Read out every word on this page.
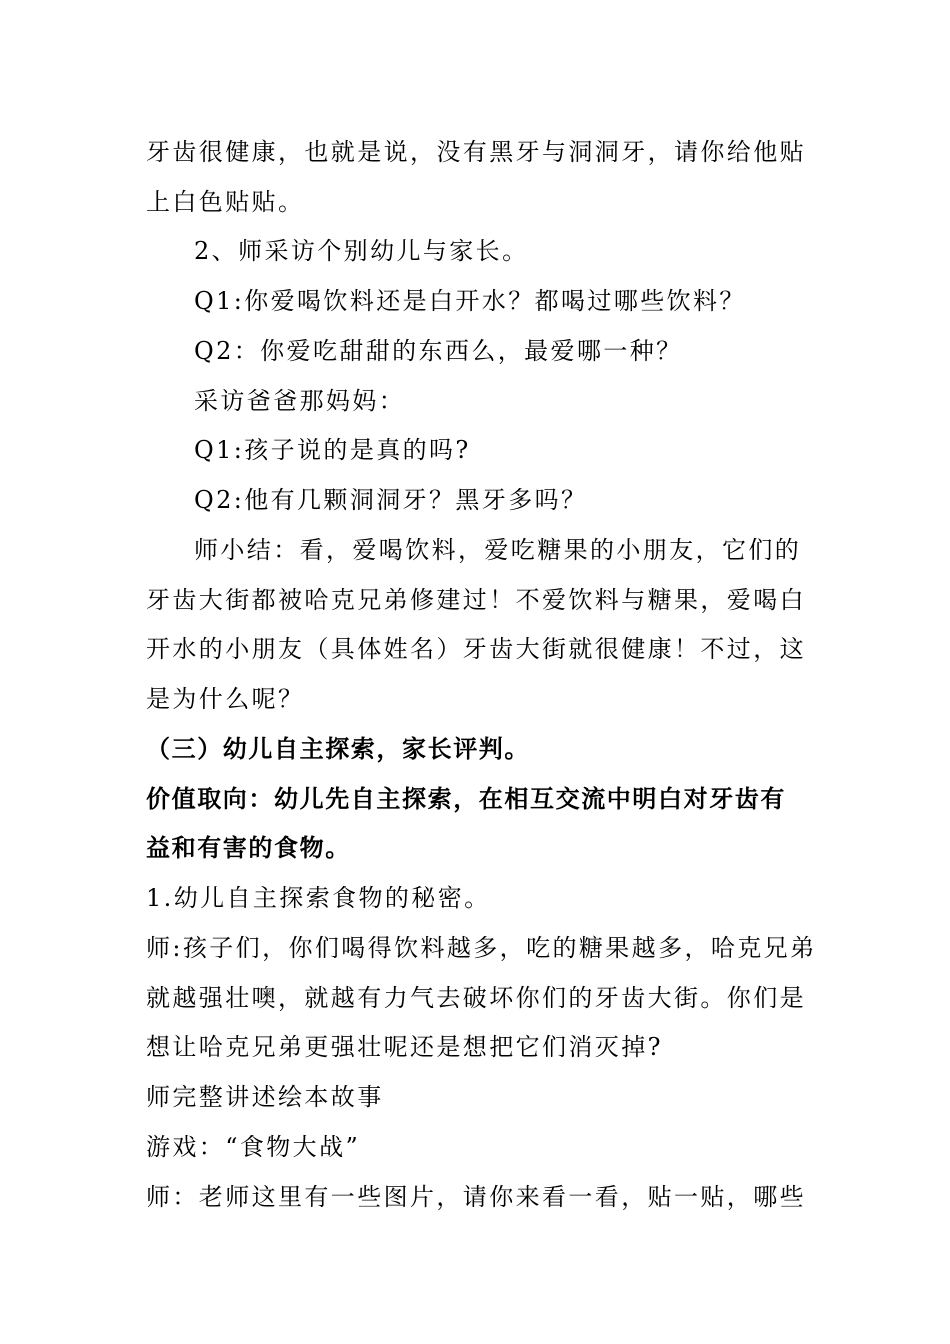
牙齿很健康，也就是说，没有黑牙与洞洞牙，请你给他贴
上白色贴贴。
2、师采访个别幼儿与家长。
Q1:你爱喝饮料还是白开水？都喝过哪些饮料？
Q2：你爱吃甜甜的东西么，最爱哪一种？
采访爸爸那妈妈：
Q1:孩子说的是真的吗?
Q2:他有几颗洞洞牙？黑牙多吗？
师小结：看，爱喝饮料，爱吃糖果的小朋友，它们的
牙齿大街都被哈克兄弟修建过！不爱饮料与糖果，爱喝白
开水的小朋友（具体姓名）牙齿大街就很健康！不过，这
是为什么呢？
（三）幼儿自主探索，家长评判。
价值取向：幼儿先自主探索，在相互交流中明白对牙齿有
益和有害的食物。
1.幼儿自主探索食物的秘密。
师:孩子们，你们喝得饮料越多，吃的糖果越多，哈克兄弟
就越强壮噢，就越有力气去破坏你们的牙齿大街。你们是
想让哈克兄弟更强壮呢还是想把它们消灭掉?
师完整讲述绘本故事
游戏：“食物大战”
师：老师这里有一些图片，请你来看一看，贴一贴，哪些
